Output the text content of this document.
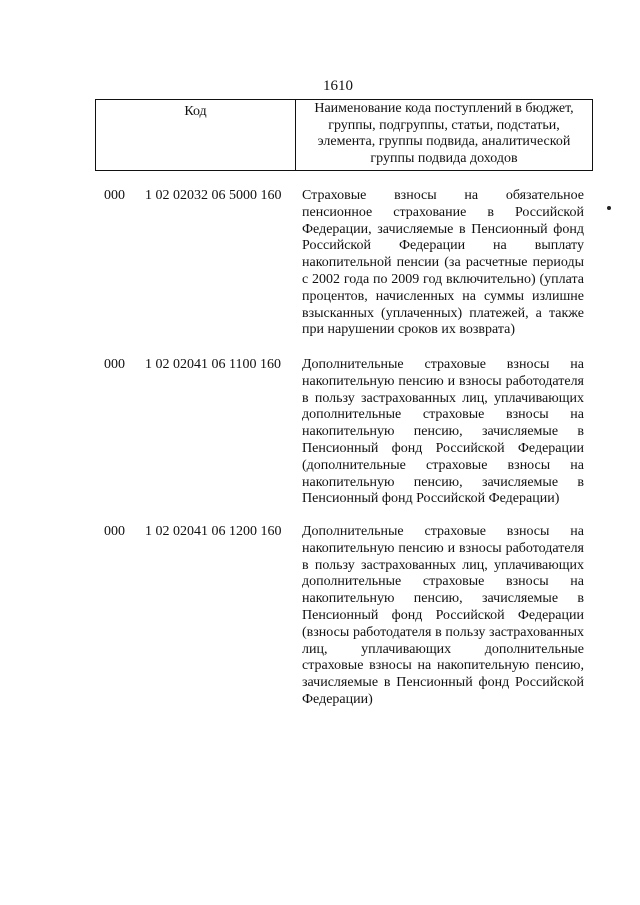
1610
Код	Наименование кода поступлений в бюджет, группы, подгруппы, статьи, подстатьи, элемента, группы подвида, аналитической группы подвида доходов
000 1 02 02032 06 5000 160 Страховые взносы на обязательное пенсионное страхование в Российской Федерации, зачисляемые в Пенсионный фонд Российской Федерации на выплату накопительной пенсии (за расчетные периоды с 2002 года по 2009 год включительно) (уплата процентов, начисленных на суммы излишне взысканных (уплаченных) платежей, а также при нарушении сроков их возврата)
000 1 02 02041 06 1100 160 Дополнительные страховые взносы на накопительную пенсию и взносы работодателя в пользу застрахованных лиц, уплачивающих дополнительные страховые взносы на накопительную пенсию, зачисляемые в Пенсионный фонд Российской Федерации (дополнительные страховые взносы на накопительную пенсию, зачисляемые в Пенсионный фонд Российской Федерации)
000 1 02 02041 06 1200 160 Дополнительные страховые взносы на накопительную пенсию и взносы работодателя в пользу застрахованных лиц, уплачивающих дополнительные страховые взносы на накопительную пенсию, зачисляемые в Пенсионный фонд Российской Федерации (взносы работодателя в пользу застрахованных лиц, уплачивающих дополнительные страховые взносы на накопительную пенсию, зачисляемые в Пенсионный фонд Российской Федерации)
